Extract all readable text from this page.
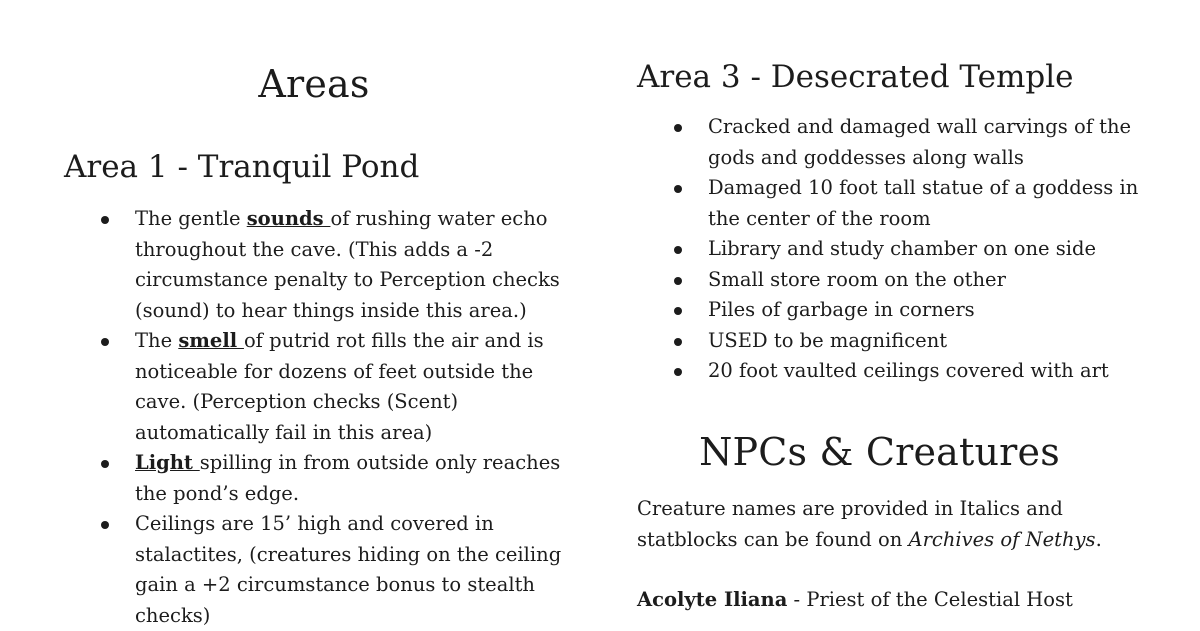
Areas
Area 1 - Tranquil Pond
The gentle sounds of rushing water echo throughout the cave. (This adds a -2 circumstance penalty to Perception checks (sound) to hear things inside this area.)
The smell of putrid rot fills the air and is noticeable for dozens of feet outside the cave. (Perception checks (Scent) automatically fail in this area)
Light spilling in from outside only reaches the pond’s edge.
Ceilings are 15’ high and covered in stalactites, (creatures hiding on the ceiling gain a +2 circumstance bonus to stealth checks)
Area 3 - Desecrated Temple
Cracked and damaged wall carvings of the gods and goddesses along walls
Damaged 10 foot tall statue of a goddess in the center of the room
Library and study chamber on one side
Small store room on the other
Piles of garbage in corners
USED to be magnificent
20 foot vaulted ceilings covered with art
NPCs & Creatures

Creature names are provided in Italics and statblocks can be found on Archives of Nethys.

Acolyte Iliana - Priest of the Celestial Host
